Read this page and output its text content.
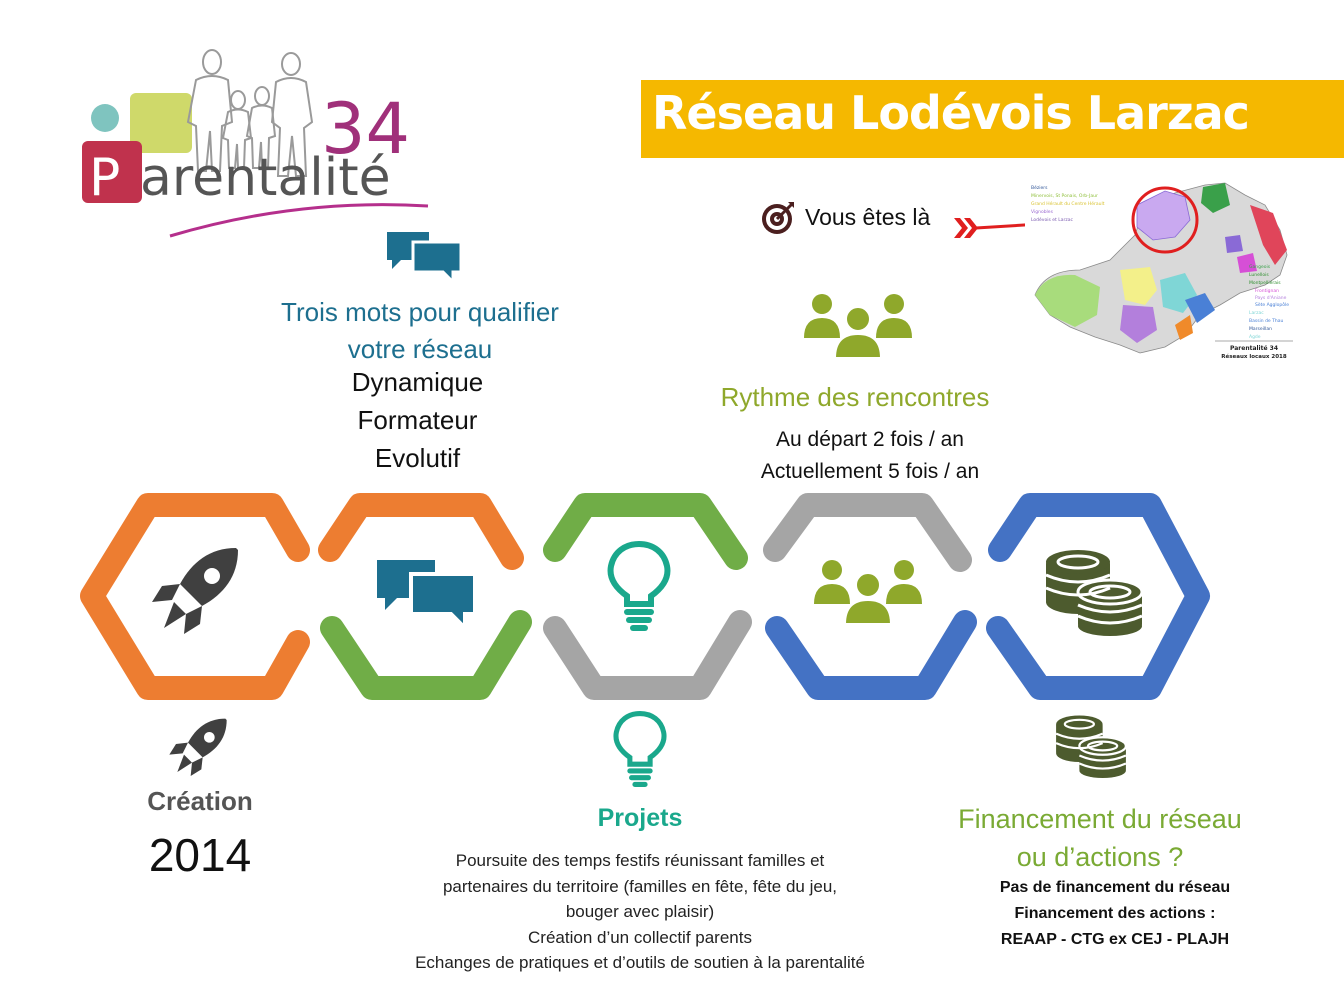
34
P arentalité
Réseau Lodévois Larzac
Vous êtes là
Béziers
Minervois, St Ponais, Orb-Jaur
Grand Hérault du Centre Hérault
Vignobles
Lodévois et Larzac
Gangeois
Lunellois
Montpelliérais
Frontignan
Pays d'Aniane
Sète Agglopôle
Larzac
Bassin de Thau
Marseillan
Agde
Parentalité 34
Réseaux locaux 2018
Trois mots pour qualifier
votre réseau
Dynamique
Formateur
Evolutif
Rythme des rencontres
Au départ 2 fois / an
Actuellement 5 fois / an
Création
2014
Projets
Poursuite des temps festifs réunissant familles et
partenaires du territoire (familles en fête, fête du jeu,
bouger avec plaisir)
Création d’un collectif parents
Echanges de pratiques et d’outils de soutien à la parentalité
Financement du réseau
ou d’actions ?
Pas de financement du réseau
Financement des actions :
REAAP - CTG ex CEJ - PLAJH
